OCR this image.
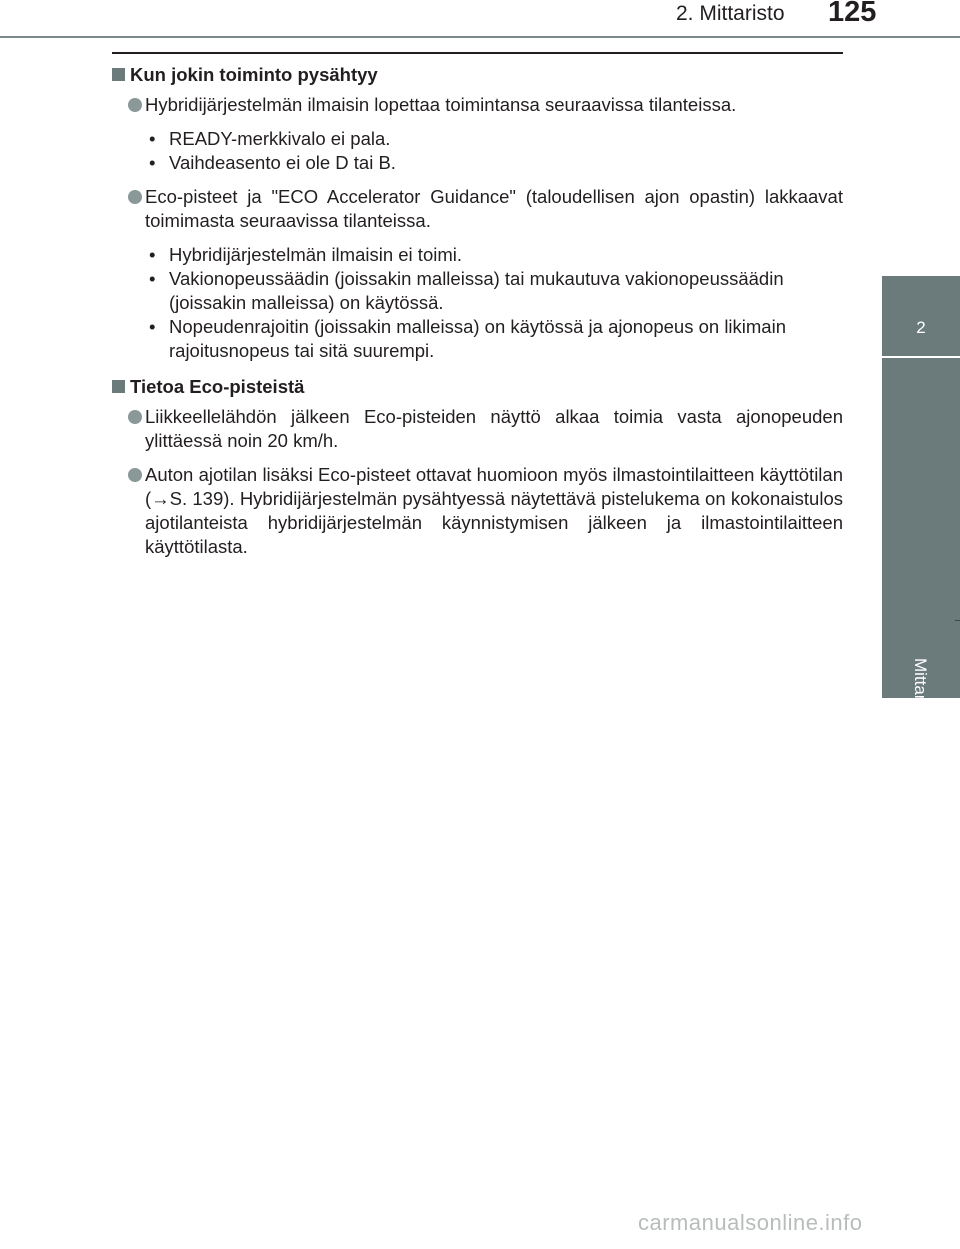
2. Mittaristo 125
2
Mittaristo
Kun jokin toiminto pysähtyy
Hybridijärjestelmän ilmaisin lopettaa toimintansa seuraavissa tilanteissa.
• READY-merkkivalo ei pala.
• Vaihdeasento ei ole D tai B.
Eco-pisteet ja "ECO Accelerator Guidance" (taloudellisen ajon opastin) lakkaavat toimimasta seuraavissa tilanteissa.
• Hybridijärjestelmän ilmaisin ei toimi.
• Vakionopeussäädin (joissakin malleissa) tai mukautuva vakionopeussäädin (joissakin malleissa) on käytössä.
• Nopeudenrajoitin (joissakin malleissa) on käytössä ja ajonopeus on likimain rajoitusnopeus tai sitä suurempi.
Tietoa Eco-pisteistä
Liikkeellelähdön jälkeen Eco-pisteiden näyttö alkaa toimia vasta ajonopeuden ylittäessä noin 20 km/h.
Auton ajotilan lisäksi Eco-pisteet ottavat huomioon myös ilmastointilaitteen käyttötilan (→S. 139). Hybridijärjestelmän pysähtyessä näytettävä pistelukema on kokonaistulos ajotilanteista hybridijärjestelmän käynnistymisen jälkeen ja ilmastointilaitteen käyttötilasta.
carmanualsonline.info
